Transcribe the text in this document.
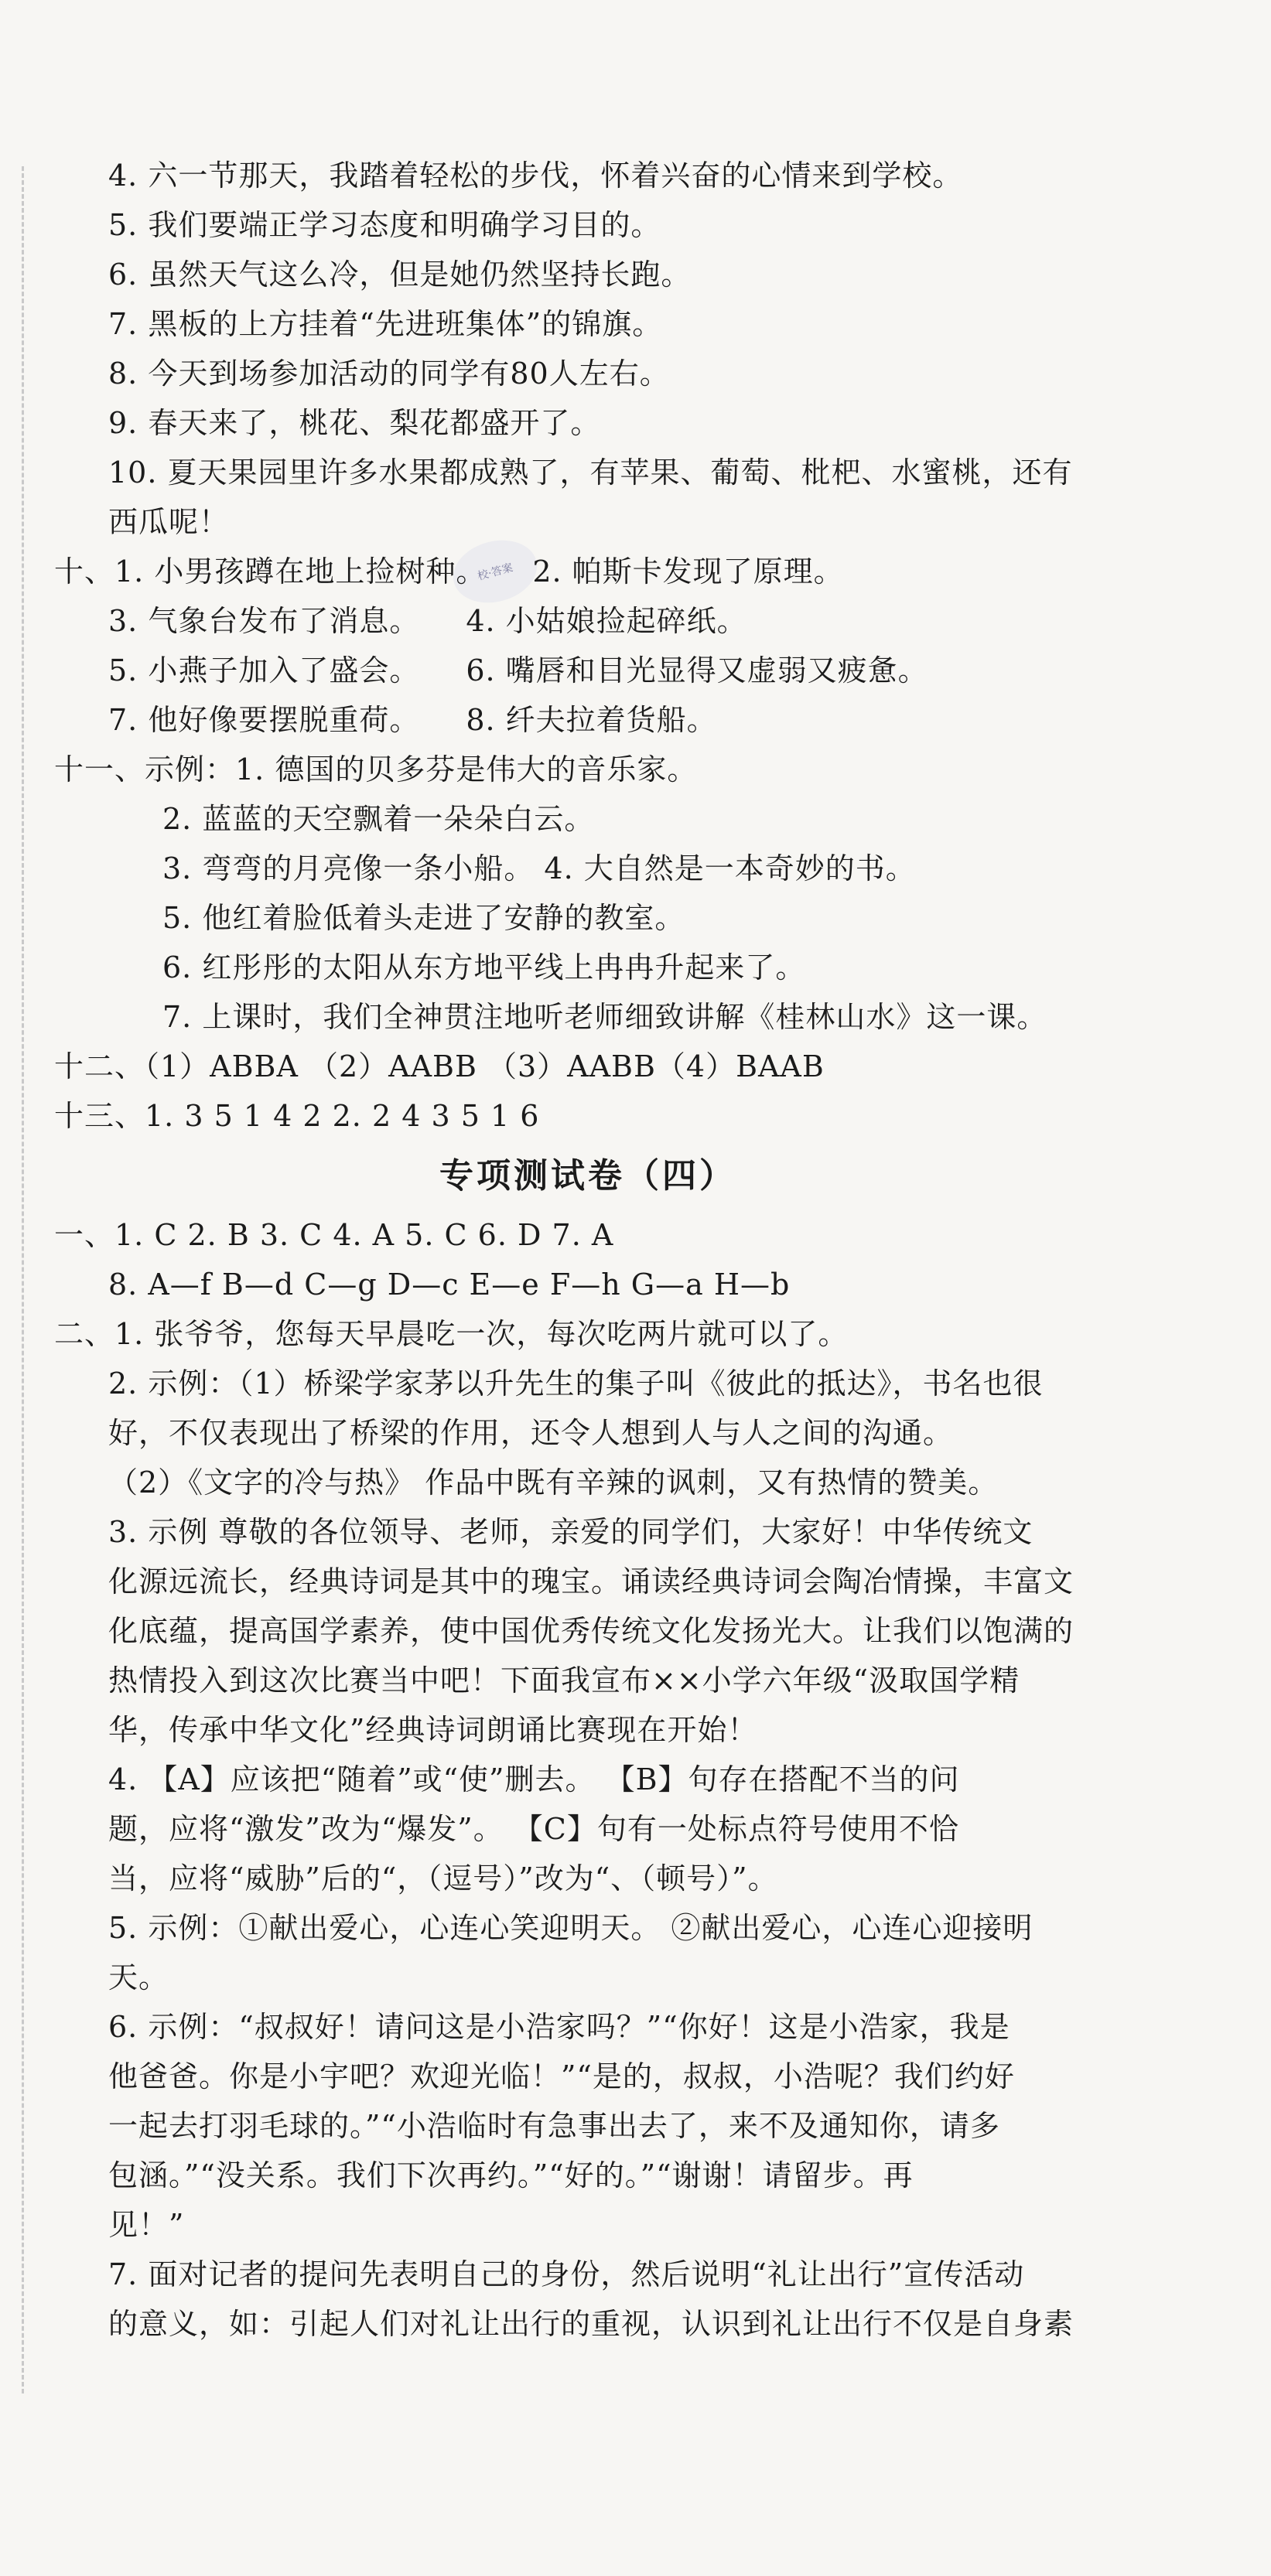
校·答案
4. 六一节那天，我踏着轻松的步伐，怀着兴奋的心情来到学校。
5. 我们要端正学习态度和明确学习目的。
6. 虽然天气这么冷，但是她仍然坚持长跑。
7. 黑板的上方挂着“先进班集体”的锦旗。
8. 今天到场参加活动的同学有80人左右。
9. 春天来了，桃花、梨花都盛开了。
10. 夏天果园里许多水果都成熟了，有苹果、葡萄、枇杷、水蜜桃，还有
西瓜呢！
十、1. 小男孩蹲在地上捡树种。 2. 帕斯卡发现了原理。
3. 气象台发布了消息。 4. 小姑娘捡起碎纸。
5. 小燕子加入了盛会。 6. 嘴唇和目光显得又虚弱又疲惫。
7. 他好像要摆脱重荷。 8. 纤夫拉着货船。
十一、示例：1. 德国的贝多芬是伟大的音乐家。
2. 蓝蓝的天空飘着一朵朵白云。
3. 弯弯的月亮像一条小船。 4. 大自然是一本奇妙的书。
5. 他红着脸低着头走进了安静的教室。
6. 红彤彤的太阳从东方地平线上冉冉升起来了。
7. 上课时，我们全神贯注地听老师细致讲解《桂林山水》这一课。
十二、（1）ABBA （2）AABB （3）AABB（4）BAAB
十三、1. 3 5 1 4 2 2. 2 4 3 5 1 6
专项测试卷（四）
一、1. C 2. B 3. C 4. A 5. C 6. D 7. A
8. A—f B—d C—g D—c E—e F—h G—a H—b
二、1. 张爷爷，您每天早晨吃一次，每次吃两片就可以了。
2. 示例：（1）桥梁学家茅以升先生的集子叫《彼此的抵达》，书名也很
好，不仅表现出了桥梁的作用，还令人想到人与人之间的沟通。
（2）《文字的冷与热》 作品中既有辛辣的讽刺，又有热情的赞美。
3. 示例 尊敬的各位领导、老师，亲爱的同学们，大家好！中华传统文
化源远流长，经典诗词是其中的瑰宝。诵读经典诗词会陶冶情操，丰富文
化底蕴，提高国学素养，使中国优秀传统文化发扬光大。让我们以饱满的
热情投入到这次比赛当中吧！下面我宣布××小学六年级“汲取国学精
华，传承中华文化”经典诗词朗诵比赛现在开始！
4. 【A】应该把“随着”或“使”删去。 【B】句存在搭配不当的问
题，应将“激发”改为“爆发”。 【C】句有一处标点符号使用不恰
当，应将“威胁”后的“，（逗号）”改为“、（顿号）”。
5. 示例：①献出爱心，心连心笑迎明天。 ②献出爱心，心连心迎接明
天。
6. 示例：“叔叔好！请问这是小浩家吗？”“你好！这是小浩家，我是
他爸爸。你是小宇吧？欢迎光临！”“是的，叔叔，小浩呢？我们约好
一起去打羽毛球的。”“小浩临时有急事出去了，来不及通知你，请多
包涵。”“没关系。我们下次再约。”“好的。”“谢谢！请留步。再
见！”
7. 面对记者的提问先表明自己的身份，然后说明“礼让出行”宣传活动
的意义，如：引起人们对礼让出行的重视，认识到礼让出行不仅是自身素
